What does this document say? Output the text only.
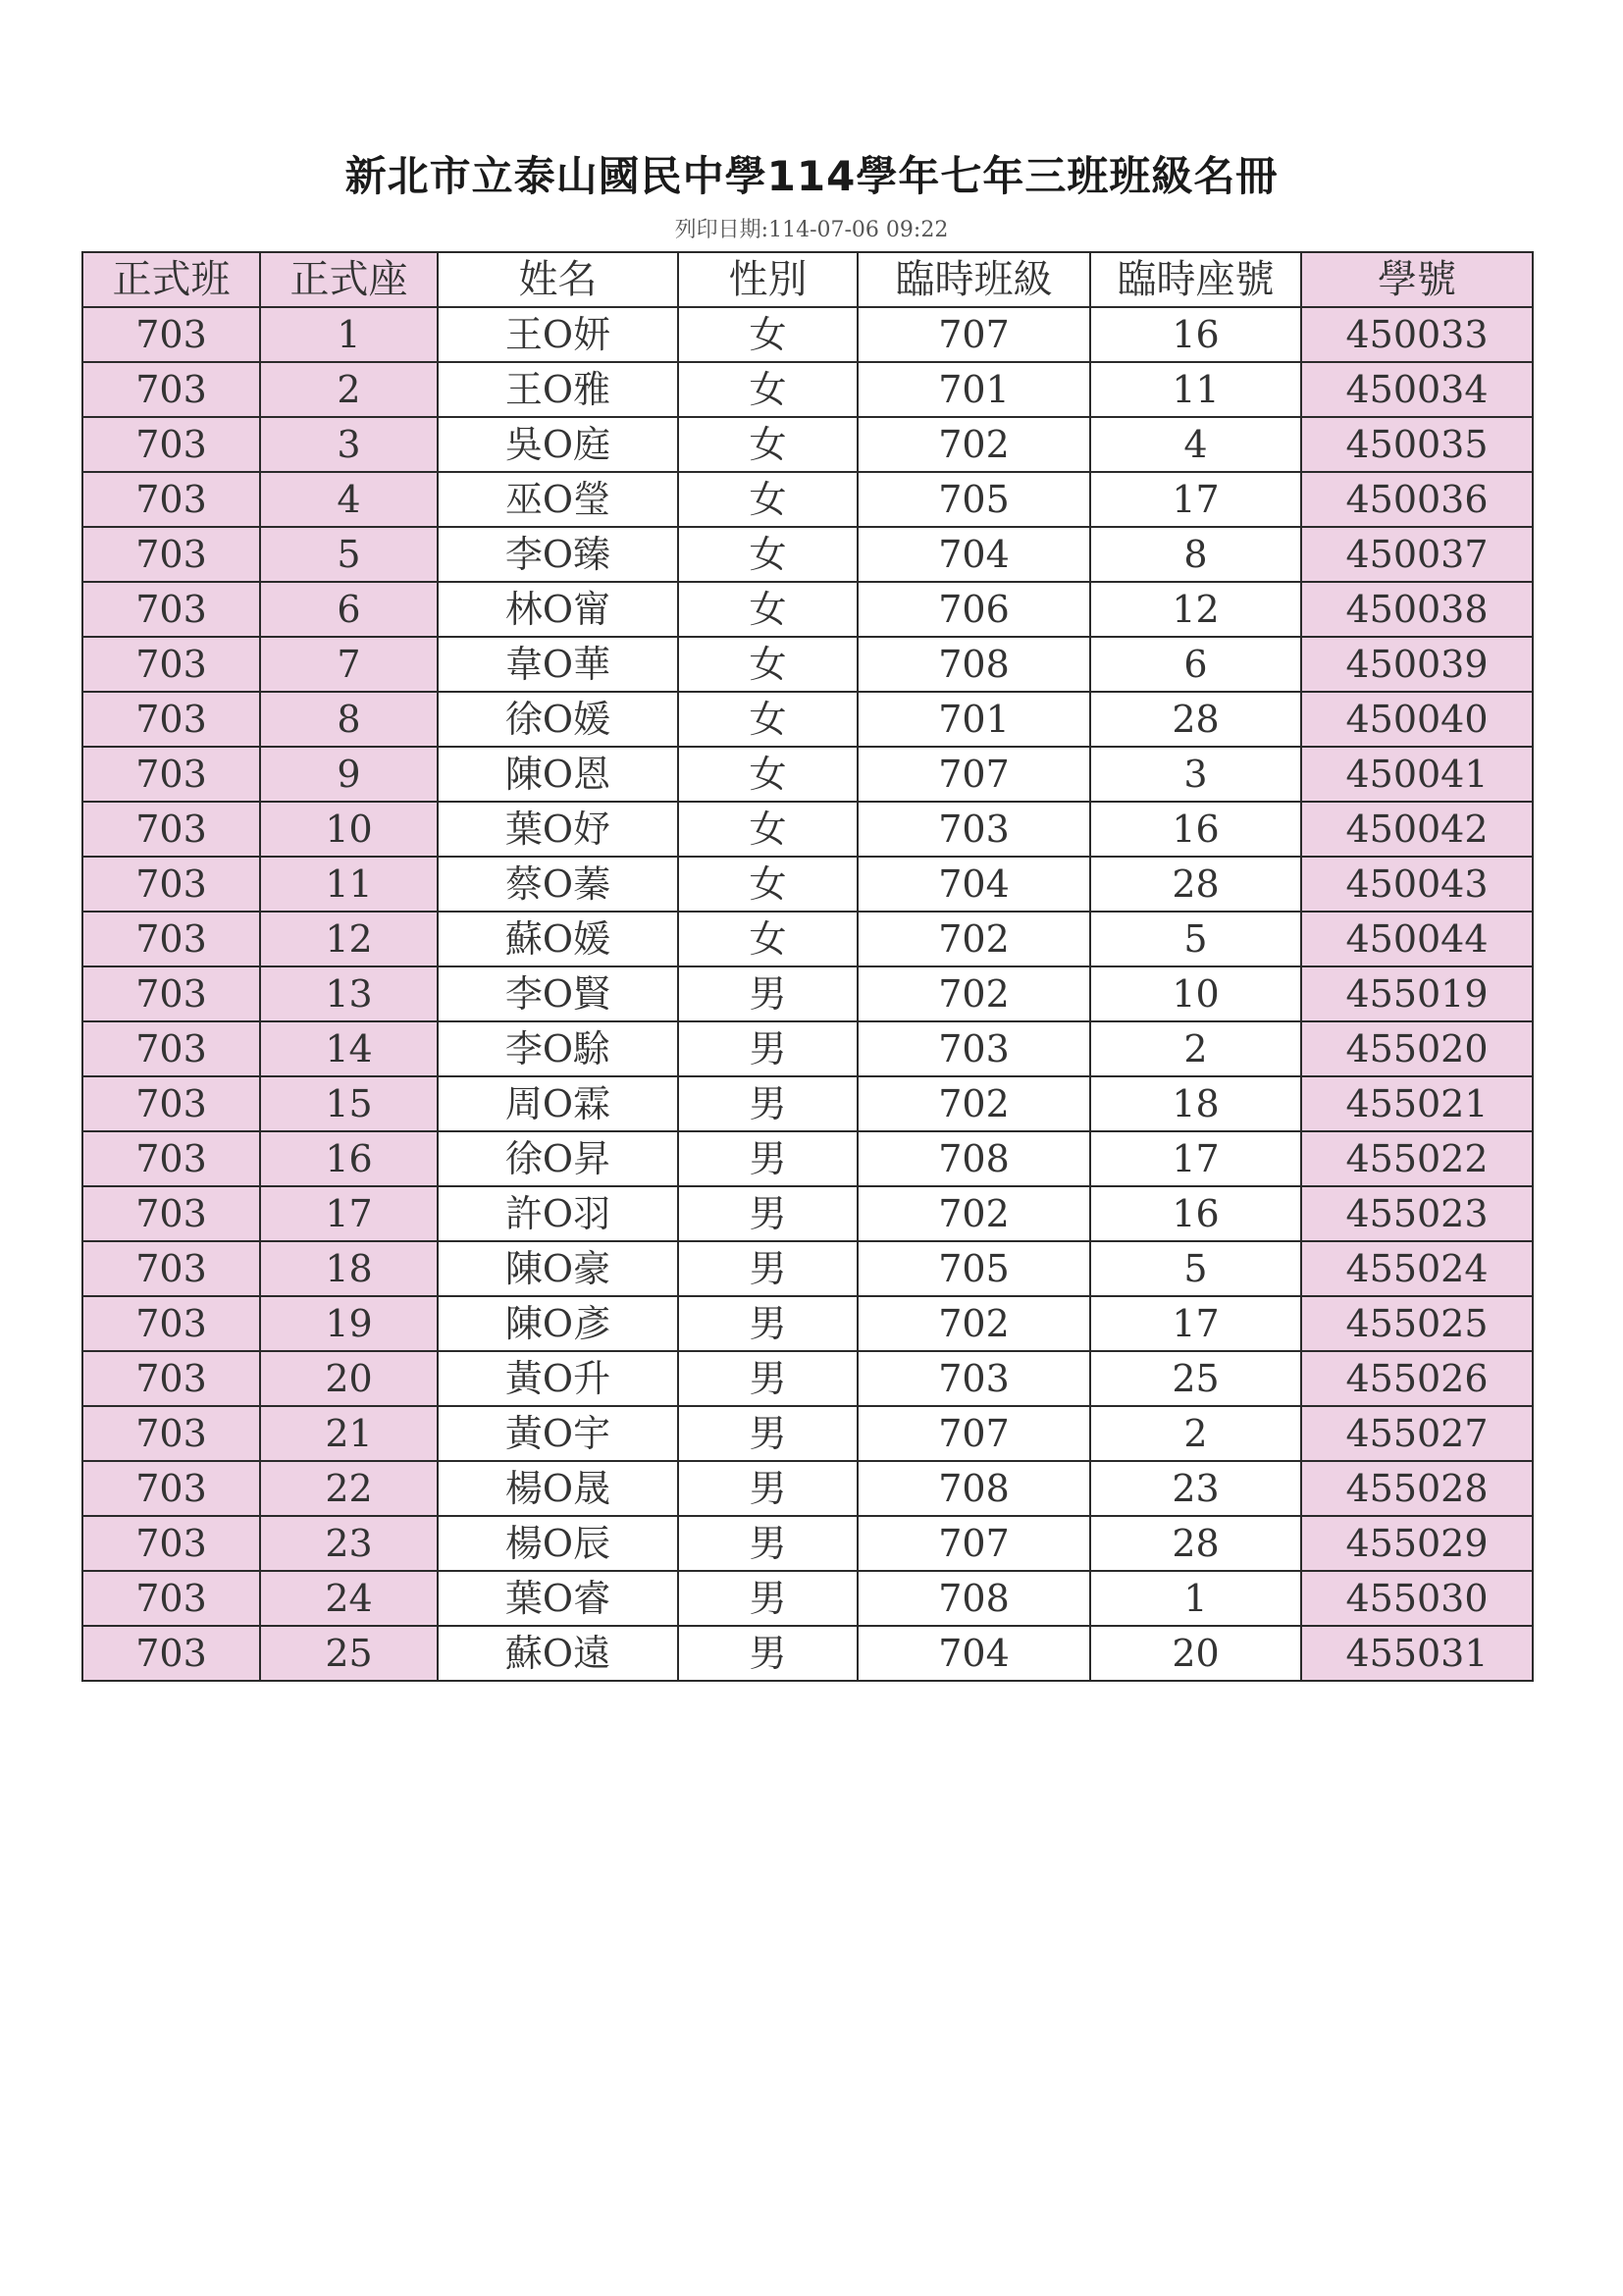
新北市立泰山國民中學114學年七年三班班級名冊
列印日期:114-07-06 09:22
正式班	正式座	姓名	性別	臨時班級	臨時座號	學號
703	1	王O妍	女	707	16	450033
703	2	王O雅	女	701	11	450034
703	3	吳O庭	女	702	4	450035
703	4	巫O瑩	女	705	17	450036
703	5	李O臻	女	704	8	450037
703	6	林O甯	女	706	12	450038
703	7	韋O華	女	708	6	450039
703	8	徐O媛	女	701	28	450040
703	9	陳O恩	女	707	3	450041
703	10	葉O妤	女	703	16	450042
703	11	蔡O蓁	女	704	28	450043
703	12	蘇O媛	女	702	5	450044
703	13	李O賢	男	702	10	455019
703	14	李O駼	男	703	2	455020
703	15	周O霖	男	702	18	455021
703	16	徐O昇	男	708	17	455022
703	17	許O羽	男	702	16	455023
703	18	陳O豪	男	705	5	455024
703	19	陳O彥	男	702	17	455025
703	20	黃O升	男	703	25	455026
703	21	黃O宇	男	707	2	455027
703	22	楊O晟	男	708	23	455028
703	23	楊O辰	男	707	28	455029
703	24	葉O睿	男	708	1	455030
703	25	蘇O遠	男	704	20	455031
